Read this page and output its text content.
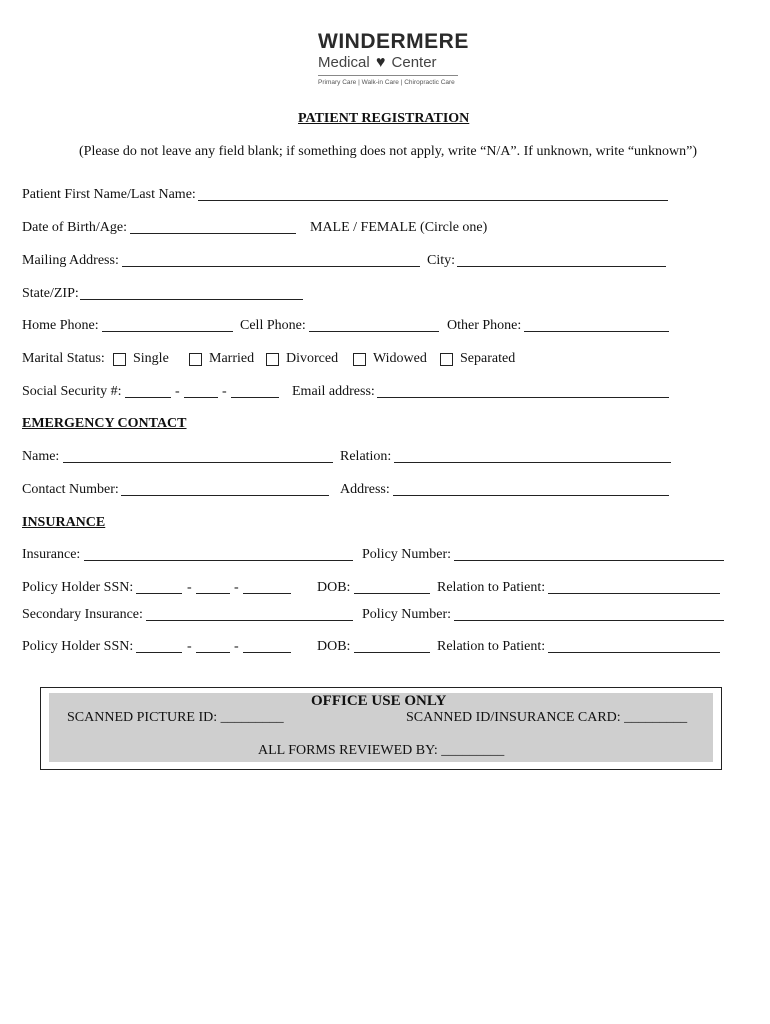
WINDERMERE
Medical ♥ Center
Primary Care | Walk-in Care | Chiropractic Care
PATIENT REGISTRATION
(Please do not leave any field blank; if something does not apply, write “N/A”. If unknown, write “unknown”)
Patient First Name/Last Name:
Date of Birth/Age:	MALE / FEMALE (Circle one)
Mailing Address:	City:
State/ZIP:
Home Phone:	Cell Phone:	Other Phone:
Marital Status: Single	Married Divorced Widowed Separated
Social Security #:	-	-	Email address:
EMERGENCY CONTACT
Name:	Relation:
Contact Number:	Address:
INSURANCE
Insurance:	Policy Number:
Policy Holder SSN:	-	-	DOB:	Relation to Patient:
Secondary Insurance:	Policy Number:
Policy Holder SSN:	-	-	DOB:	Relation to Patient:
OFFICE USE ONLY
SCANNED PICTURE ID: _________	SCANNED ID/INSURANCE CARD: _________
ALL FORMS REVIEWED BY: _________
